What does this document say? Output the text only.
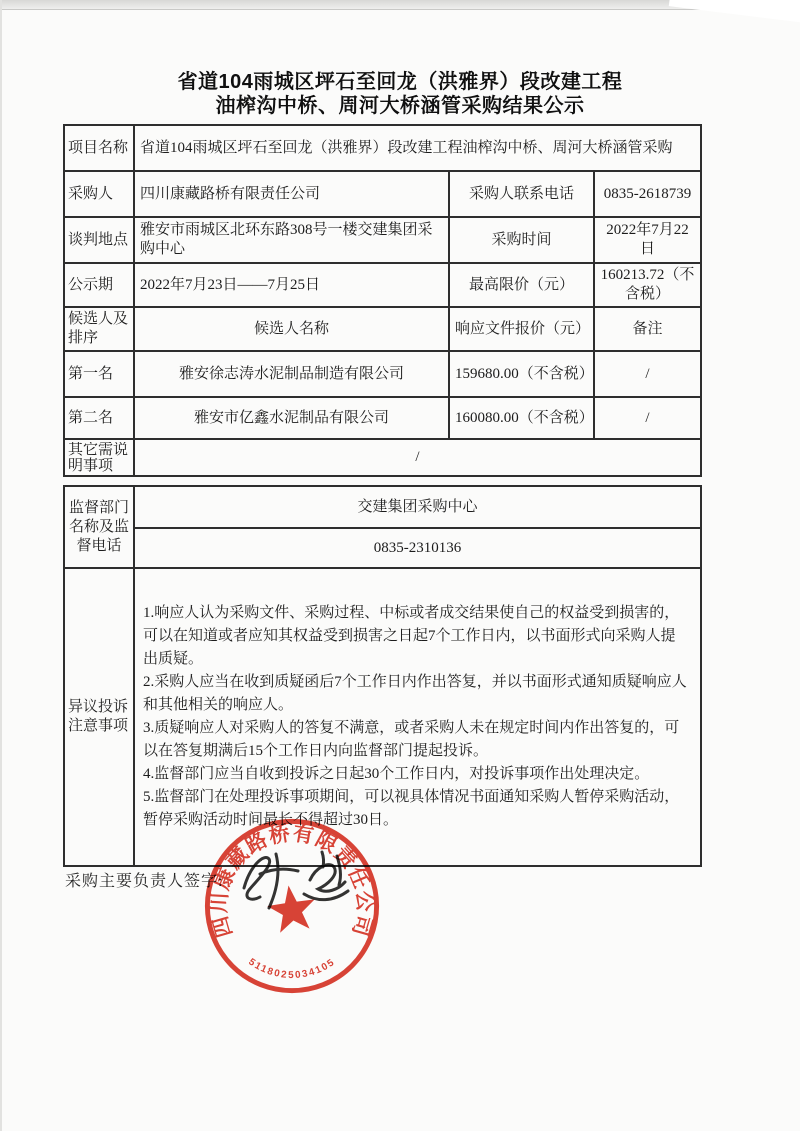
省道104雨城区坪石至回龙（洪雅界）段改建工程
油榨沟中桥、周河大桥涵管采购结果公示
项目名称	省道104雨城区坪石至回龙（洪雅界）段改建工程油榨沟中桥、周河大桥涵管采购		
采购人	四川康藏路桥有限责任公司	采购人联系电话	0835-2618739
谈判地点	雅安市雨城区北环东路308号一楼交建集团采购中心	采购时间	2022年7月22日
公示期	2022年7月23日——7月25日	最高限价（元）	160213.72（不含税）
候选人及排序	候选人名称	响应文件报价（元）	备注
第一名	雅安徐志涛水泥制品制造有限公司	159680.00（不含税）	/
第二名	雅安市亿鑫水泥制品有限公司	160080.00（不含税）	/

其它需说明事项	/		
监督部门名称及监督电话	交建集团采购中心
	0835-2310136
异议投诉注意事项	1.响应人认为采购文件、采购过程、中标或者成交结果使自己的权益受到损害的，可以在知道或者应知其权益受到损害之日起7个工作日内，以书面形式向采购人提出质疑。
2.采购人应当在收到质疑函后7个工作日内作出答复，并以书面形式通知质疑响应人和其他相关的响应人。
3.质疑响应人对采购人的答复不满意，或者采购人未在规定时间内作出答复的，可以在答复期满后15个工作日内向监督部门提起投诉。
4.监督部门应当自收到投诉之日起30个工作日内，对投诉事项作出处理决定。
5.监督部门在处理投诉事项期间，可以视具体情况书面通知采购人暂停采购活动，暂停采购活动时间最长不得超过30日。
采购主要负责人签字:
四川康藏路桥有限责任公司
5118025034105
